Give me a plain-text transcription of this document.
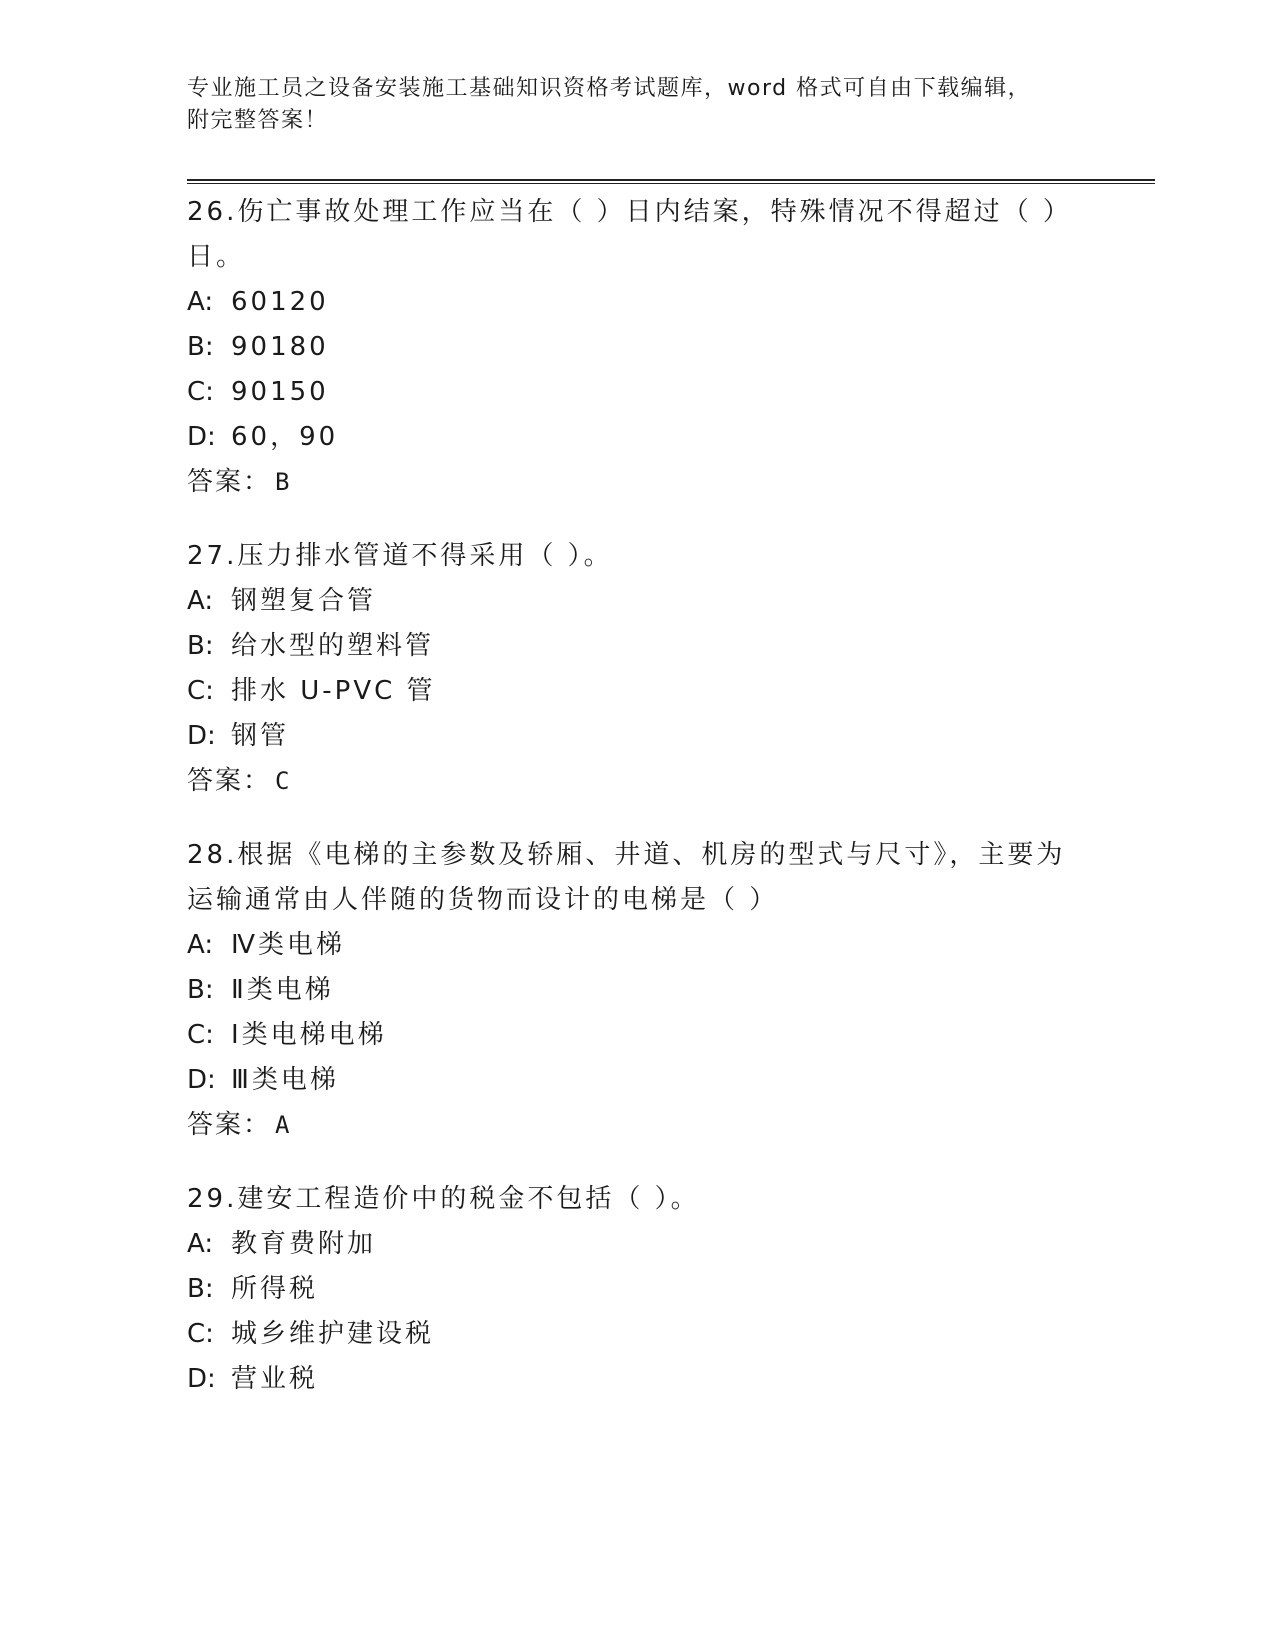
专业施工员之设备安装施工基础知识资格考试题库，word 格式可自由下载编辑，
附完整答案！
26.伤亡事故处理工作应当在（ ）日内结案，特殊情况不得超过（ ）日。
A: 60120
B: 90180
C: 90150
D: 60，90
答案： B
27.压力排水管道不得采用（ ）。
A: 钢塑复合管
B: 给水型的塑料管
C: 排水 U-PVC 管
D: 钢管
答案： C
28.根据《电梯的主参数及轿厢、井道、机房的型式与尺寸》，主要为运输通常由人伴随的货物而设计的电梯是（ ）
A: Ⅳ类电梯
B: Ⅱ类电梯
C: Ⅰ类电梯电梯
D: Ⅲ类电梯
答案： A
29.建安工程造价中的税金不包括（ ）。
A: 教育费附加
B: 所得税
C: 城乡维护建设税
D: 营业税
